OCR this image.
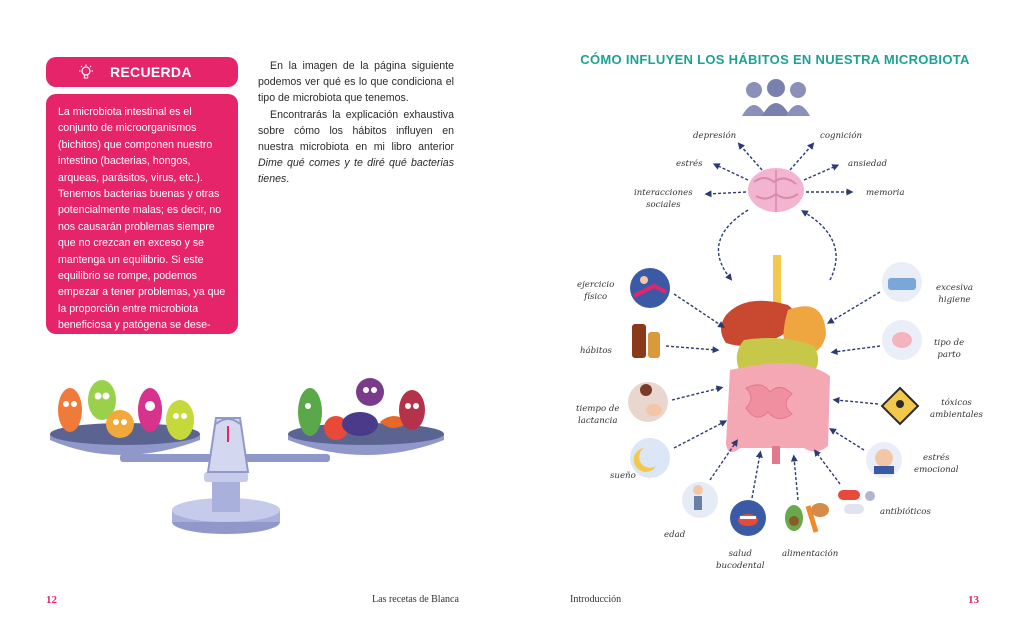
RECUERDA
La microbiota intestinal es el conjunto de microorganismos (bichitos) que componen nuestro intestino (bacterias, hongos, arqueas, parásitos, virus, etc.). Tenemos bacterias buenas y otras potencialmente malas; es decir, no nos causarán problemas siempre que no crezcan en exceso y se mantenga un equilibrio. Si este equilibrio se rompe, podemos empezar a tener problemas, ya que la proporción entre microbiota beneficiosa y patógena se dese-quilibrará y esta última crecerá.

En la imagen de la página siguiente podemos ver qué es lo que condiciona el tipo de microbiota que tenemos.

Encontrarás la explicación exhaustiva sobre cómo los hábitos influyen en nuestra microbiota en mi libro anterior Dime qué comes y te diré qué bacterias tienes.

12	Las recetas de Blanca
CÓMO INFLUYEN LOS HÁBITOS EN NUESTRA MICROBIOTA
depresión	cognición
estrés	ansiedad
interacciones
sociales
memoria
ejercicio
físico
hábitos
tiempo de
lactancia
sueño
edad
salud
bucodental
alimentación
antibióticos
estrés
emocional
tóxicos
ambientales
tipo de
parto
excesiva
higiene
Introducción	13
